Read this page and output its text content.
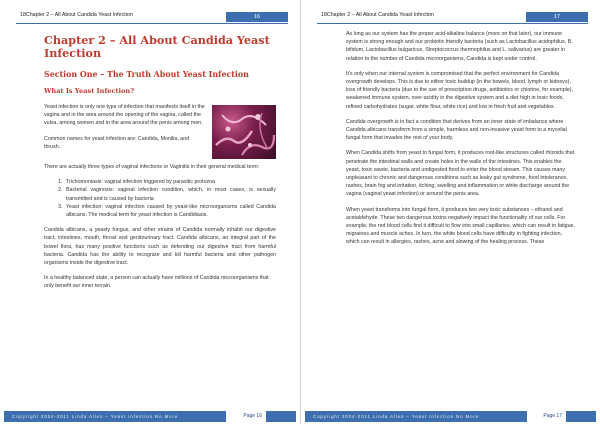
18Chapter 2 – All About Candida Yeast Infection	16
Chapter 2 – All About Candida Yeast Infection
Section One – The Truth About Yeast Infection
What Is Yeast Infection?

Yeast infection is only one type of infection that manifests itself in the vagina and in the area around the opening of the vagina, called the vulva, among women and in the area around the penis among men.

Common names for yeast infection are: Candida, Monilia, and thrush.

There are actually three types of vaginal infections or Vaginitis in their general medical term:

1. Trichomoniasis: vaginal infection triggered by parasitic protozoa
2. Bacterial vaginosis: vaginal infection condition, which, in most cases, is sexually transmitted and is caused by bacteria
3. Yeast infection: vaginal infection caused by yeast-like microorganisms called Candida albicans. The medical term for yeast infection is Candidiasis.

Candida albicans, a yeasty fungus, and other strains of Candida normally inhabit our digestive tract, intestines, mouth, throat and genitourinary tract. Candida albicans, an integral part of the bowel flora, has many positive functions such as defending our digestive tract from harmful bacteria. Candida has the ability to recognize and kill harmful bacteria and other pathogen organisms inside the digestive tract.

In a healthy balanced state, a person can actually have millions of Candida microorganisms that only benefit our inner terrain.

Copyright 2004-2011 Linda Allen – Yeast Infection No More	Page 16
18Chapter 2 – All About Candida Yeast Infection	17

As long as our system has the proper acid-alkaline balance (more on that later), our immune system is strong enough and our probiotic friendly bacteria (such as Lactobacillus acidophilus, B. bifidum, Lactobacillus bulgaricus, Streptococcus thermophilus and L. salivarius) are greater in relation to the number of Candida microorganisms, Candida is kept under control.

It's only when our internal system is compromised that the perfect environment for Candida overgrowth develops. This is due to either toxic buildup (in the bowels, blood, lymph or kidneys), loss of friendly bacteria (due to the use of prescription drugs, antibiotics or chlorine, for example), weakened immune system, over-acidity in the digestive system and a diet high in toxic foods, refined carbohydrates (sugar, white flour, white rice) and low in fresh fruit and vegetables.

Candida overgrowth is in fact a condition that derives from an inner state of imbalance where Candida albicans transform from a simple, harmless and non-invasive yeast form to a mycelial fungal form that invades the rest of your body.

When Candida shifts from yeast to fungal form, it produces root-like structures called rhizoids that penetrate the intestinal walls and create holes in the walls of the intestines. This enables the yeast, toxic waste, bacteria and undigested food to enter the blood stream. This causes many unpleasant to chronic and dangerous conditions such as leaky gut syndrome, food intolerance, rashes, brain fog and irritation, itching, swelling and inflammation or white discharge around the vagina (vaginal yeast infection) or around the penis area.

When yeast transforms into fungal form, it produces two very toxic substances – ethanol and acetaldehyde. These two dangerous toxins negatively impact the functionality of our cells. For example, the red blood cells find it difficult to flow into small capillaries, which can result in fatigue, migraines and muscle aches. In turn, the white blood cells have difficulty in fighting infection, which can result in allergies, rashes, acne and slowing of the healing process. These

Copyright 2004-2011 Linda Allen – Yeast Infection No More	Page 17
